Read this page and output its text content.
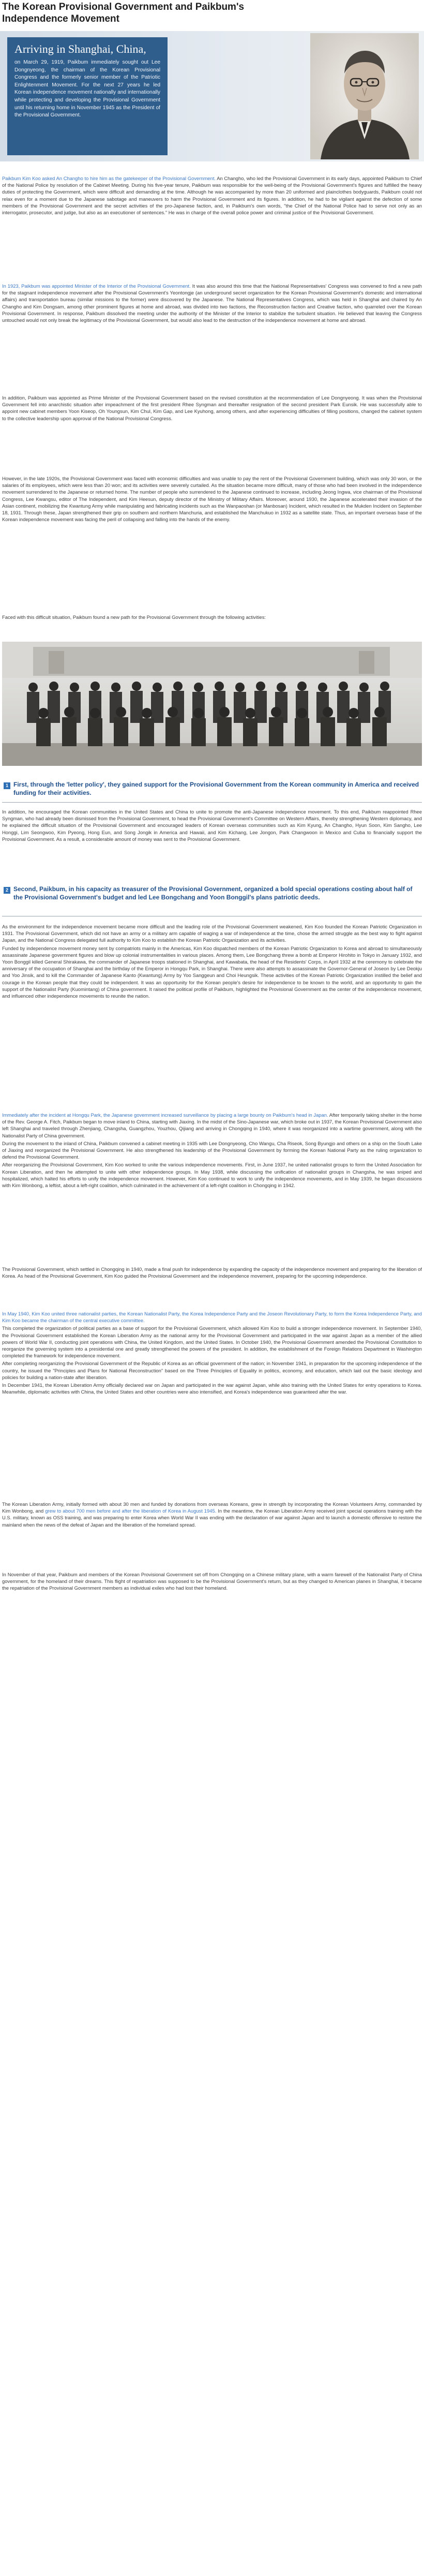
The Korean Provisional Government and Paikbum's
Independence Movement
Arriving in Shanghai, China,

on March 29, 1919, Paikbum immediately sought out Lee Dongnyeong, the chairman of the Korean Provisional Congress and the formerly senior member of the Patriotic Enlightenment Movement. For the next 27 years he led Korean independence movement nationally and internationally while protecting and developing the Provisional Government until his returning home in November 1945 as the President of the Provisional Government.

Paikbum Kim Koo asked An Changho to hire him as the gatekeeper of the Provisional Government. An Changho, who led the Provisional Government in its early days, appointed Paikbum to Chief of the National Police by resolution of the Cabinet Meeting. During his five-year tenure, Paikbum was responsible for the well-being of the Provisional Government's figures and fulfilled the heavy duties of protecting the Government, which were difficult and demanding at the time. Although he was accompanied by more than 20 uniformed and plainclothes bodyguards, Paikbum could not relax even for a moment due to the Japanese sabotage and maneuvers to harm the Provisional Government and its figures. In addition, he had to be vigilant against the defection of some members of the Provisional Government and the secret activities of the pro-Japanese faction, and, in Paikbum's own words, "the Chief of the National Police had to serve not only as an interrogator, prosecutor, and judge, but also as an executioner of sentences." He was in charge of the overall police power and criminal justice of the Provisional Government.

In 1923, Paikbum was appointed Minister of the Interior of the Provisional Government. It was also around this time that the National Representatives' Congress was convened to find a new path for the stagnant independence movement after the Provisional Government's Yeontongje (an underground secret organization for the Korean Provisional Government's domestic and international affairs) and transportation bureau (similar missions to the former) were discovered by the Japanese. The National Representatives Congress, which was held in Shanghai and chaired by An Changho and Kim Dongsam, among other prominent figures at home and abroad, was divided into two factions, the Reconstruction faction and Creative faction, who quarreled over the Korean Provisional Government. In response, Paikbum dissolved the meeting under the authority of the Minister of the Interior to stabilize the turbulent situation. He believed that leaving the Congress untouched would not only break the legitimacy of the Provisional Government, but would also lead to the destruction of the independence movement at home and abroad.

In addition, Paikbum was appointed as Prime Minister of the Provisional Government based on the revised constitution at the recommendation of Lee Dongnyeong. It was when the Provisional Government fell into anarchistic situation after impeachment of the first president Rhee Syngman and thereafter resignation of the second president Park Eunsik. He was successfully able to appoint new cabinet members Yoon Kiseop, Oh Youngsun, Kim Chul, Kim Gap, and Lee Kyuhong, among others, and after experiencing difficulties of filling positions, changed the cabinet system to the collective leadership upon approval of the National Provisional Congress.

However, in the late 1920s, the Provisional Government was faced with economic difficulties and was unable to pay the rent of the Provisional Government building, which was only 30 won, or the salaries of its employees, which were less than 20 won; and its activities were severely curtailed. As the situation became more difficult, many of those who had been involved in the independence movement surrendered to the Japanese or returned home. The number of people who surrendered to the Japanese continued to increase, including Jeong Ingwa, vice chairman of the Provisional Congress, Lee Kwangsu, editor of The Independent, and Kim Heesun, deputy director of the Ministry of Military Affairs. Moreover, around 1930, the Japanese accelerated their invasion of the Asian continent, mobilizing the Kwantung Army while manipulating and fabricating incidents such as the Wanpaoshan (or Manbosan) Incident, which resulted in the Mukden Incident on September 18, 1931. Through these, Japan strengthened their grip on southern and northern Manchuria, and established the Manchukuo in 1932 as a satellite state. Thus, an important overseas base of the Korean independence movement was facing the peril of collapsing and falling into the hands of the enemy.

Faced with this difficult situation, Paikbum found a new path for the Provisional Government through the following activities:

1 First, through the 'letter policy', they gained support for the Provisional Government from the Korean community in America and received funding for their activities.

In addition, he encouraged the Korean communities in the United States and China to unite to promote the anti-Japanese independence movement. To this end, Paikbum reappointed Rhee Syngman, who had already been dismissed from the Provisional Government, to head the Provisional Government's Committee on Western Affairs, thereby strengthening Western diplomacy, and he explained the difficult situation of the Provisional Government and encouraged leaders of Korean overseas communities such as Kim Kyung, An Changho, Hyun Soon, Kim Sangho, Lee Honggi, Lim Seongwoo, Kim Pyeong, Hong Eun, and Song Jongik in America and Hawaii, and Kim Kichang, Lee Jongon, Park Changwoon in Mexico and Cuba to financially support the Provisional Government. As a result, a considerable amount of money was sent to the Provisional Government.

2 Second, Paikbum, in his capacity as treasurer of the Provisional Government, organized a bold special operations costing about half of the Provisional Government's budget and led Lee Bongchang and Yoon Bonggil's plans patriotic deeds.

As the environment for the independence movement became more difficult and the leading role of the Provisional Government weakened, Kim Koo founded the Korean Patriotic Organization in 1931. The Provisional Government, which did not have an army or a military arm capable of waging a war of independence at the time, chose the armed struggle as the best way to fight against Japan, and the National Congress delegated full authority to Kim Koo to establish the Korean Patriotic Organization and its activities.

Funded by independence movement money sent by compatriots mainly in the Americas, Kim Koo dispatched members of the Korean Patriotic Organization to Korea and abroad to simultaneously assassinate Japanese government figures and blow up colonial instrumentalities in various places. Among them, Lee Bongchang threw a bomb at Emperor Hirohito in Tokyo in January 1932, and Yoon Bonggil killed General Shirakawa, the commander of Japanese troops stationed in Shanghai, and Kawabata, the head of the Residents' Corps, in April 1932 at the ceremony to celebrate the anniversary of the occupation of Shanghai and the birthday of the Emperor in Hongqu Park, in Shanghai. There were also attempts to assassinate the Governor-General of Joseon by Lee Deokju and Yoo Jinsik, and to kill the Commander of Japanese Kanto (Kwantung) Army by Yoo Sanggeun and Choi Heungsik. These activities of the Korean Patriotic Organization instilled the belief and courage in the Korean people that they could be independent. It was an opportunity for the Korean people's desire for independence to be known to the world, and an opportunity to gain the support of the Nationalist Party (Kuomintang) of China government. It raised the political profile of Paikbum, highlighted the Provisional Government as the center of the independence movement, and influenced other independence movements to reunite the nation.

Immediately after the incident at Hongqu Park, the Japanese government increased surveillance by placing a large bounty on Paikbum's head in Japan. After temporarily taking shelter in the home of the Rev. George A. Fitch, Paikbum began to move inland to China, starting with Jiaxing. In the midst of the Sino-Japanese war, which broke out in 1937, the Korean Provisional Government also left Shanghai and traveled through Zhenjiang, Changsha, Guangzhou, Youzhou, Qijiang and arriving in Chongqing in 1940, where it was reorganized into a wartime government, along with the Nationalist Party of China government.

During the movement to the inland of China, Paikbum convened a cabinet meeting in 1935 with Lee Dongnyeong, Cho Wangu, Cha Riseok, Song Byungjo and others on a ship on the South Lake of Jiaxing and reorganized the Provisional Government. He also strengthened his leadership of the Provisional Government by forming the Korean National Party as the ruling organization to defend the Provisional Government.

After reorganizing the Provisional Government, Kim Koo worked to unite the various independence movements. First, in June 1937, he united nationalist groups to form the United Association for Korean Liberation, and then he attempted to unite with other independence groups. In May 1938, while discussing the unification of nationalist groups in Changsha, he was sniped and hospitalized, which halted his efforts to unify the independence movement. However, Kim Koo continued to work to unify the independence movements, and in May 1939, he began discussions with Kim Wonbong, a leftist, about a left-right coalition, which culminated in the achievement of a left-right coalition in Chongqing in 1942.

The Provisional Government, which settled in Chongqing in 1940, made a final push for independence by expanding the capacity of the independence movement and preparing for the liberation of Korea. As head of the Provisional Government, Kim Koo guided the Provisional Government and the independence movement, preparing for the upcoming independence.

In May 1940, Kim Koo united three nationalist parties, the Korean Nationalist Party, the Korea Independence Party and the Joseon Revolutionary Party, to form the Korea Independence Party, and Kim Koo became the chairman of the central executive committee.

This completed the organization of political parties as a base of support for the Provisional Government, which allowed Kim Koo to build a stronger independence movement. In September 1940, the Provisional Government established the Korean Liberation Army as the national army for the Provisional Government and participated in the war against Japan as a member of the allied powers of World War II, conducting joint operations with China, the United Kingdom, and the United States. In October 1940, the Provisional Government amended the Provisional Constitution to reorganize the governing system into a presidential one and greatly strengthened the powers of the president. In addition, the establishment of the Foreign Relations Department in Washington completed the framework for independence movement.

After completing reorganizing the Provisional Government of the Republic of Korea as an official government of the nation; in November 1941, in preparation for the upcoming independence of the country, he issued the "Principles and Plans for National Reconstruction" based on the Three Principles of Equality in politics, economy, and education, which laid out the basic ideology and policies for building a nation-state after liberation.

In December 1941, the Korean Liberation Army officially declared war on Japan and participated in the war against Japan, while also training with the United States for entry operations to Korea. Meanwhile, diplomatic activities with China, the United States and other countries were also intensified, and Korea's independence was guaranteed after the war.

The Korean Liberation Army, initially formed with about 30 men and funded by donations from overseas Koreans, grew in strength by incorporating the Korean Volunteers Army, commanded by Kim Wonbong, and grew to about 700 men before and after the liberation of Korea in August 1945. In the meantime, the Korean Liberation Army received joint special operations training with the U.S. military, known as OSS training, and was preparing to enter Korea when World War II was ending with the declaration of war against Japan and to launch a domestic offensive to restore the mainland when the news of the defeat of Japan and the liberation of the homeland spread.

In November of that year, Paikbum and members of the Korean Provisional Government set off from Chongqing on a Chinese military plane, with a warm farewell of the Nationalist Party of China government, for the homeland of their dreams. This flight of repatriation was supposed to be the Provisional Government's return, but as they changed to American planes in Shanghai, it became the repatriation of the Provisional Government members as individual exiles who had lost their homeland.
